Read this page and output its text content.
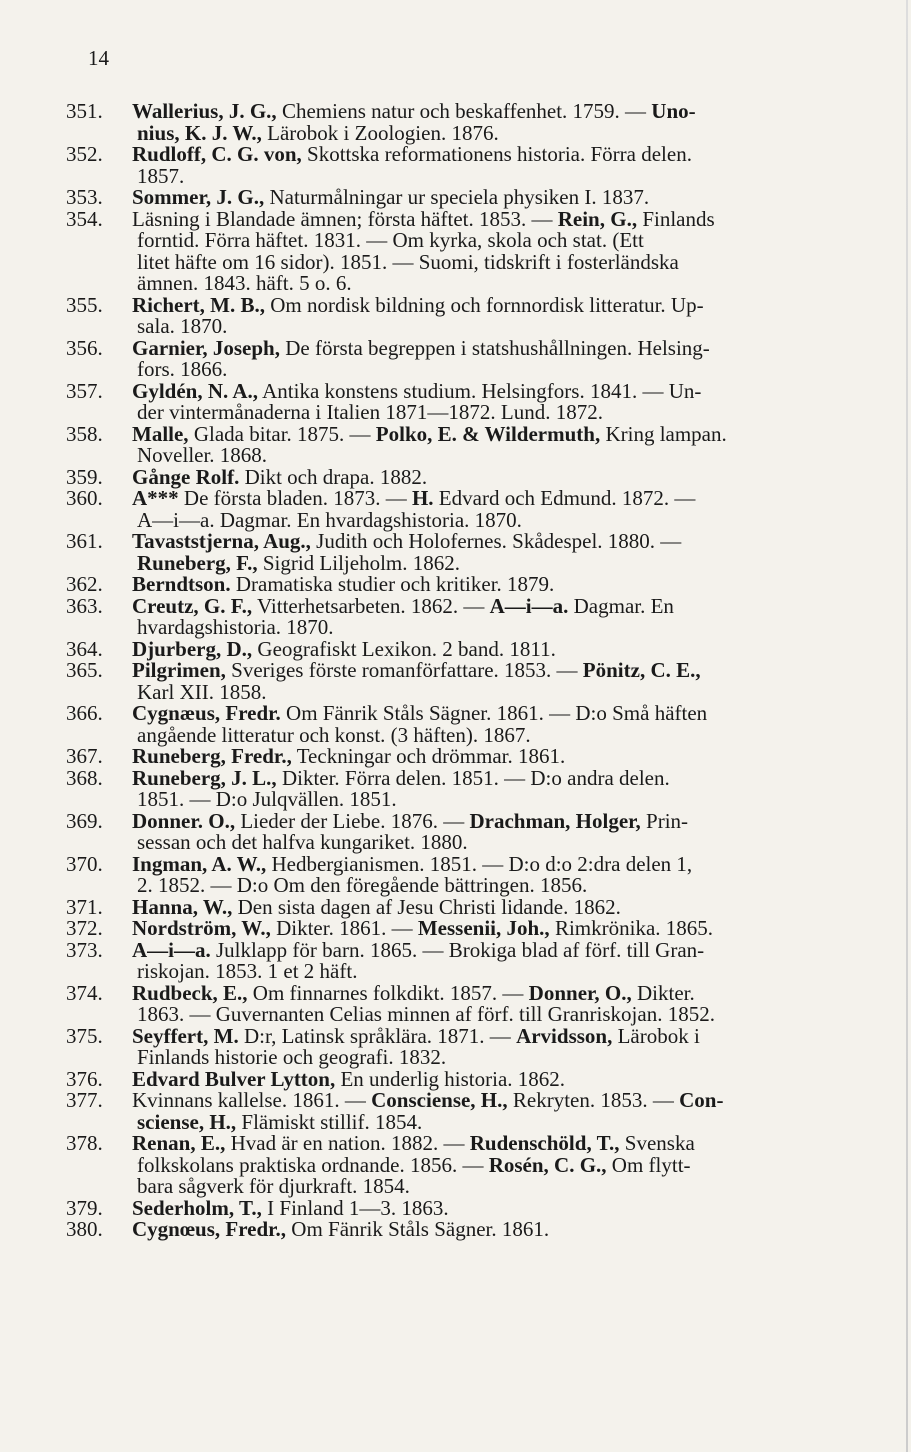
14
351.	Wallerius, J. G., Chemiens natur och beskaffenhet. 1759. — Uno-
nius, K. J. W., Lärobok i Zoologien. 1876.
352.	Rudloff, C. G. von, Skottska reformationens historia. Förra delen.
1857.
353.	Sommer, J. G., Naturmålningar ur speciela physiken I. 1837.
354.	Läsning i Blandade ämnen; första häftet. 1853. — Rein, G., Finlands
forntid. Förra häftet. 1831. — Om kyrka, skola och stat. (Ett
litet häfte om 16 sidor). 1851. — Suomi, tidskrift i fosterländska
ämnen. 1843. häft. 5 o. 6.
355.	Richert, M. B., Om nordisk bildning och fornnordisk litteratur. Up-
sala. 1870.
356.	Garnier, Joseph, De första begreppen i statshushållningen. Helsing-
fors. 1866.
357.	Gyldén, N. A., Antika konstens studium. Helsingfors. 1841. — Un-
der vintermånaderna i Italien 1871—1872. Lund. 1872.
358.	Malle, Glada bitar. 1875. — Polko, E. & Wildermuth, Kring lampan.
Noveller. 1868.
359.	Gånge Rolf. Dikt och drapa. 1882.
360.	A*** De första bladen. 1873. — H. Edvard och Edmund. 1872. —
A—i—a. Dagmar. En hvardagshistoria. 1870.
361.	Tavaststjerna, Aug., Judith och Holofernes. Skådespel. 1880. —
Runeberg, F., Sigrid Liljeholm. 1862.
362.	Berndtson. Dramatiska studier och kritiker. 1879.
363.	Creutz, G. F., Vitterhetsarbeten. 1862. — A—i—a. Dagmar. En
hvardagshistoria. 1870.
364.	Djurberg, D., Geografiskt Lexikon. 2 band. 1811.
365.	Pilgrimen, Sveriges förste romanförfattare. 1853. — Pönitz, C. E.,
Karl XII. 1858.
366.	Cygnæus, Fredr. Om Fänrik Ståls Sägner. 1861. — D:o Små häften
angående litteratur och konst. (3 häften). 1867.
367.	Runeberg, Fredr., Teckningar och drömmar. 1861.
368.	Runeberg, J. L., Dikter. Förra delen. 1851. — D:o andra delen.
1851. — D:o Julqvällen. 1851.
369.	Donner. O., Lieder der Liebe. 1876. — Drachman, Holger, Prin-
sessan och det halfva kungariket. 1880.
370.	Ingman, A. W., Hedbergianismen. 1851. — D:o d:o 2:dra delen 1,
2. 1852. — D:o Om den föregående bättringen. 1856.
371.	Hanna, W., Den sista dagen af Jesu Christi lidande. 1862.
372.	Nordström, W., Dikter. 1861. — Messenii, Joh., Rimkrönika. 1865.
373.	A—i—a. Julklapp för barn. 1865. — Brokiga blad af förf. till Gran-
riskojan. 1853. 1 et 2 häft.
374.	Rudbeck, E., Om finnarnes folkdikt. 1857. — Donner, O., Dikter.
1863. — Guvernanten Celias minnen af förf. till Granriskojan. 1852.
375.	Seyffert, M. D:r, Latinsk språklära. 1871. — Arvidsson, Lärobok i
Finlands historie och geografi. 1832.
376.	Edvard Bulver Lytton, En underlig historia. 1862.
377.	Kvinnans kallelse. 1861. — Consciense, H., Rekryten. 1853. — Con-
sciense, H., Flämiskt stillif. 1854.
378.	Renan, E., Hvad är en nation. 1882. — Rudenschöld, T., Svenska
folkskolans praktiska ordnande. 1856. — Rosén, C. G., Om flytt-
bara sågverk för djurkraft. 1854.
379.	Sederholm, T., I Finland 1—3. 1863.
380.	Cygnœus, Fredr., Om Fänrik Ståls Sägner. 1861.
